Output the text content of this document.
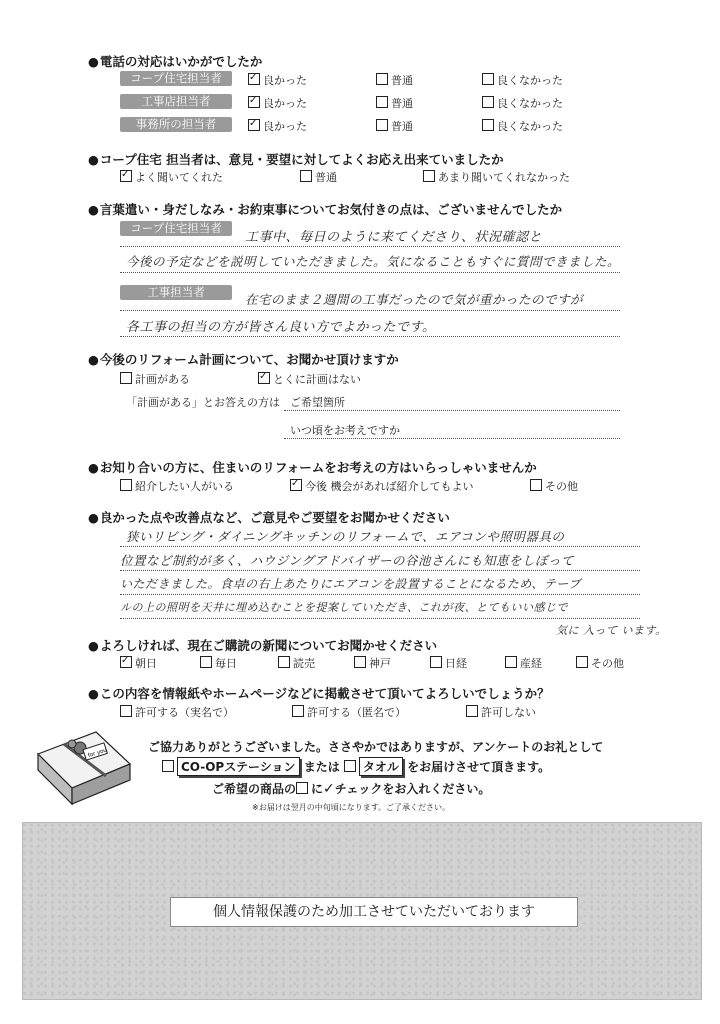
● 電話の対応はいかがでしたか
コープ住宅担当者 ✓	良かった	普通	良くなかった
工事店担当者 ✓	良かった	普通	良くなかった
事務所の担当者 ✓	良かった	普通	良くなかった
● コープ住宅 担当者は、意見・要望に対してよくお応え出来ていましたか
✓よく聞いてくれた	普通	あまり聞いてくれなかった
● 言葉遣い・身だしなみ・お約束事についてお気付きの点は、ございませんでしたか
コープ住宅担当者
工事中、毎日のように来てくださり、状況確認と
今後の予定などを説明していただきました。気になることもすぐに質問できました。
工事担当者	在宅のまま２週間の工事だったので気が重かったのですが
各工事の担当の方が皆さん良い方でよかったです。
● 今後のリフォーム計画について、お聞かせ頂けますか
計画がある ✓	とくに計画はない
「計画がある」とお答えの方は ご希望箇所
いつ頃をお考えですか
● お知り合いの方に、住まいのリフォームをお考えの方はいらっしゃいませんか
紹介したい人がいる ✓	今後 機会があれば紹介してもよい	その他
● 良かった点や改善点など、ご意見やご要望をお聞かせください
狭いリビング・ダイニングキッチンのリフォームで、エアコンや照明器具の
位置など制約が多く、ハウジングアドバイザーの谷池さんにも知恵をしぼって
いただきました。食卓の右上あたりにエアコンを設置することになるため、テーブ
ルの上の照明を天井に埋め込むことを提案していただき、これが夜、とてもいい感じで
気に 入って います。
● よろしければ、現在ご購読の新聞についてお聞かせください
✓朝日	毎日	読売	神戸	日経	産経	その他
● この内容を情報紙やホームページなどに掲載させて頂いてよろしいでしょうか？
許可する（実名で）	許可する（匿名で）	許可しない
for you	ご協力ありがとうございました。ささやかではありますが、アンケートのお礼として
CO-OPステーション または タオル をお届けさせて頂きます。
ご希望の商品の に✓チェックをお入れください。
※お届けは翌月の中旬頃になります。ご了承ください。
個人情報保護のため加工させていただいております
